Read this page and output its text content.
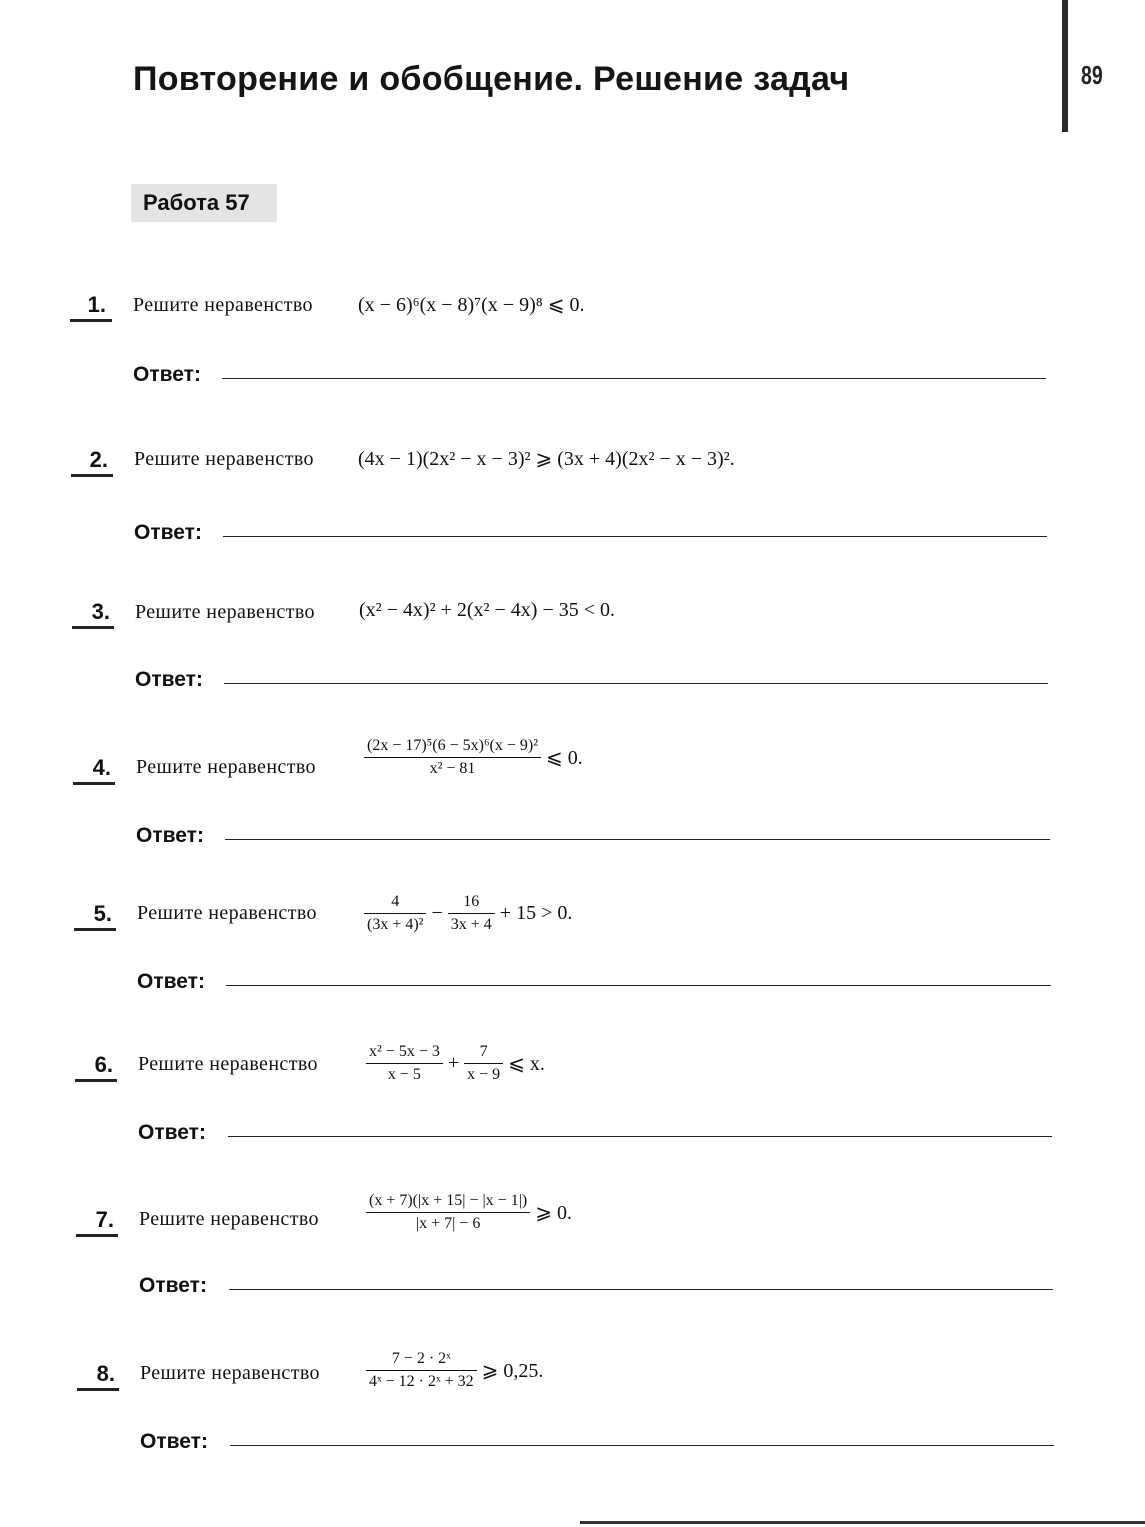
Повторение и обобщение. Решение задач	89
Работа 57
1. Решите неравенство (x − 6)⁶(x − 8)⁷(x − 9)⁸ ⩽ 0.
Ответ:
2. Решите неравенство (4x − 1)(2x² − x − 3)² ⩾ (3x + 4)(2x² − x − 3)².
Ответ:
3. Решите неравенство (x² − 4x)² + 2(x² − 4x) − 35 < 0.
Ответ:
4. Решите неравенство	$\frac{\text{(2x − 17)⁵(6 − 5x)⁶(x − 9)²}}{\text{x² − 81}}$ ⩽ 0.
Ответ:
5. Решите неравенство	$\frac{4}{\text{(3x + 4)²}} - \frac{16}{3x + 4} + 15 > 0$.
Ответ:
6. Решите неравенство	$\frac{\text{x² − 5x − 3}}{x - 5} + \frac{7}{x - 9}$ ⩽ x.
Ответ:
7. Решите неравенство	$\frac{(x + 7)(|x + 15| - |x - 1|)}{|x + 7| - 6}$ ⩾ 0.
Ответ:
8. Решите неравенство	$\frac{\text{7 − 2 · 2ˣ}}{\text{4ˣ − 12 · 2ˣ + 32}}$ ⩾ 0,25.
Ответ:
